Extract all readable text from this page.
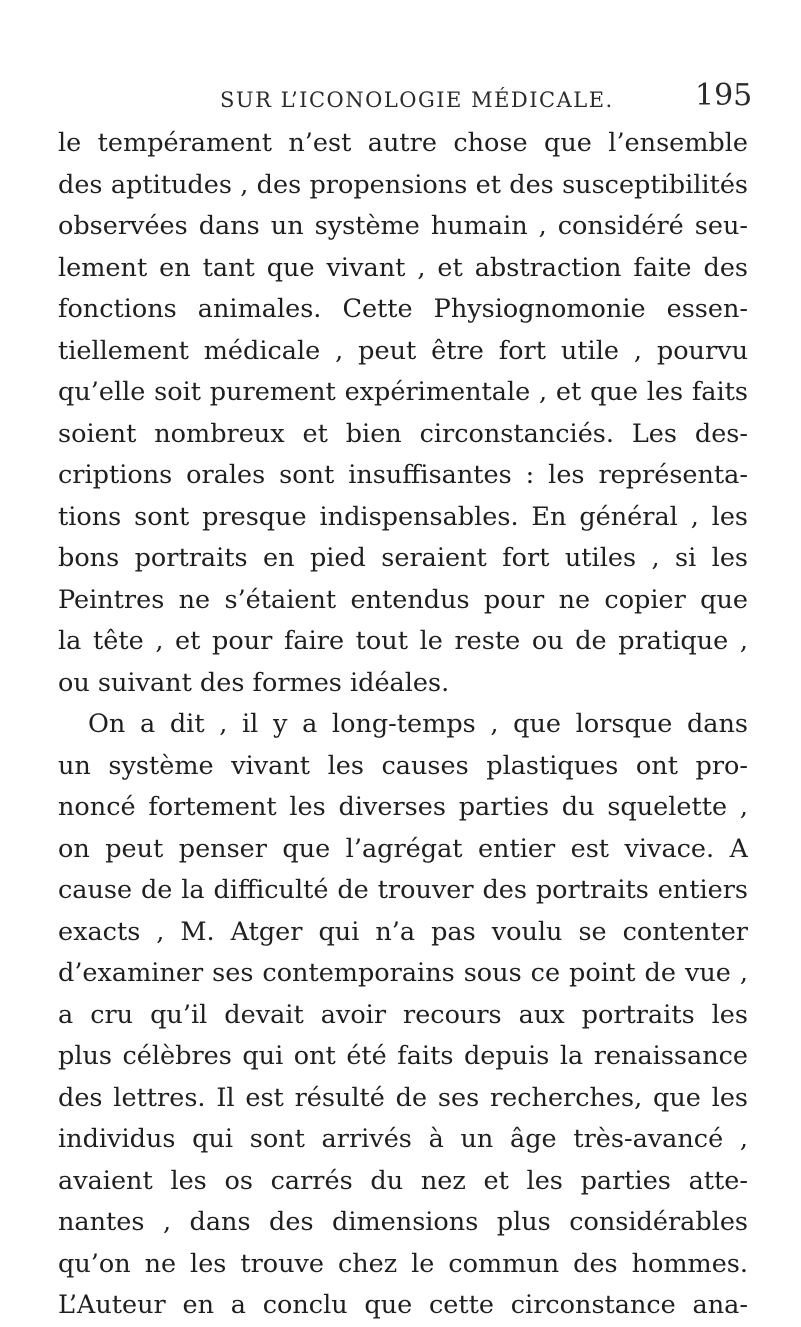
SUR L’ICONOLOGIE MÉDICALE.	195
le tempérament n’est autre chose que l’ensemble
des aptitudes , des propensions et des susceptibilités
observées dans un système humain , considéré seu-
lement en tant que vivant , et abstraction faite des
fonctions animales. Cette Physiognomonie essen-
tiellement médicale , peut être fort utile , pourvu
qu’elle soit purement expérimentale , et que les faits
soient nombreux et bien circonstanciés. Les des-
criptions orales sont insuffisantes : les représenta-
tions sont presque indispensables. En général , les
bons portraits en pied seraient fort utiles , si les
Peintres ne s’étaient entendus pour ne copier que
la tête , et pour faire tout le reste ou de pratique ,
ou suivant des formes idéales.
On a dit , il y a long-temps , que lorsque dans
un système vivant les causes plastiques ont pro-
noncé fortement les diverses parties du squelette ,
on peut penser que l’agrégat entier est vivace. A
cause de la difficulté de trouver des portraits entiers
exacts , M. Atger qui n’a pas voulu se contenter
d’examiner ses contemporains sous ce point de vue ,
a cru qu’il devait avoir recours aux portraits les
plus célèbres qui ont été faits depuis la renaissance
des lettres. Il est résulté de ses recherches, que les
individus qui sont arrivés à un âge très-avancé ,
avaient les os carrés du nez et les parties atte-
nantes , dans des dimensions plus considérables
qu’on ne les trouve chez le commun des hommes.
L’Auteur en a conclu que cette circonstance ana-
